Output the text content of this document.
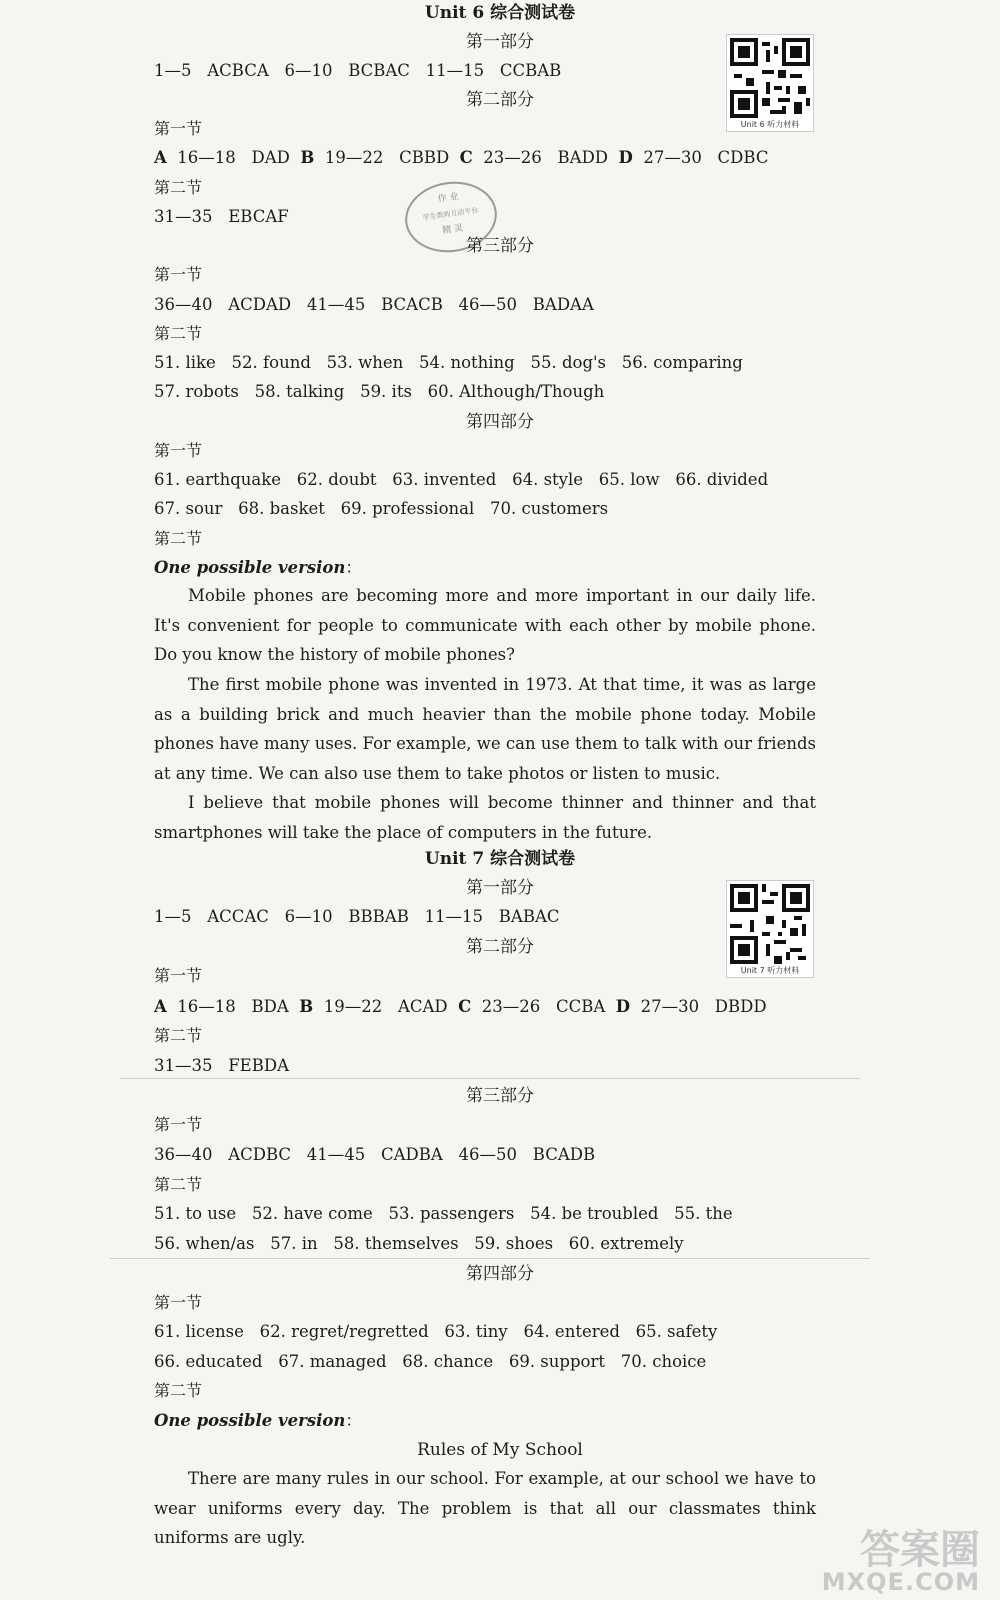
Unit 6 综合测试卷
第一部分
1—5   ACBCA   6—10   BCBAC   11—15   CCBAB
第二部分
Unit 6 听力材料
第一节
A  16—18   DAD  B  19—22   CBBD  C  23—26   BADD  D  27—30   CDBC
第二节
31—35   EBCAF
作 业
学生教师互动平台
精 灵
第三部分
第一节
36—40   ACDAD   41—45   BCACB   46—50   BADAA
第二节
51. like   52. found   53. when   54. nothing   55. dog's   56. comparing
57. robots   58. talking   59. its   60. Although/Though
第四部分
第一节
61. earthquake   62. doubt   63. invented   64. style   65. low   66. divided
67. sour   68. basket   69. professional   70. customers
第二节
One possible version：
Mobile phones are becoming more and more important in our daily life. It's convenient for people to communicate with each other by mobile phone. Do you know the history of mobile phones?
The first mobile phone was invented in 1973. At that time, it was as large as a building brick and much heavier than the mobile phone today. Mobile phones have many uses. For example, we can use them to talk with our friends at any time. We can also use them to take photos or listen to music.
I believe that mobile phones will become thinner and thinner and that smartphones will take the place of computers in the future.
Unit 7 综合测试卷
第一部分
1—5   ACCAC   6—10   BBBAB   11—15   BABAC
第二部分
Unit 7 听力材料
第一节
A  16—18   BDA  B  19—22   ACAD  C  23—26   CCBA  D  27—30   DBDD
第二节
31—35   FEBDA
第三部分
第一节
36—40   ACDBC   41—45   CADBA   46—50   BCADB
第二节
51. to use   52. have come   53. passengers   54. be troubled   55. the
56. when/as   57. in   58. themselves   59. shoes   60. extremely
第四部分
第一节
61. license   62. regret/regretted   63. tiny   64. entered   65. safety
66. educated   67. managed   68. chance   69. support   70. choice
第二节
One possible version：
Rules of My School
There are many rules in our school. For example, at our school we have to wear uniforms every day. The problem is that all our classmates think uniforms are ugly.	答案圈
MXQE.COM
